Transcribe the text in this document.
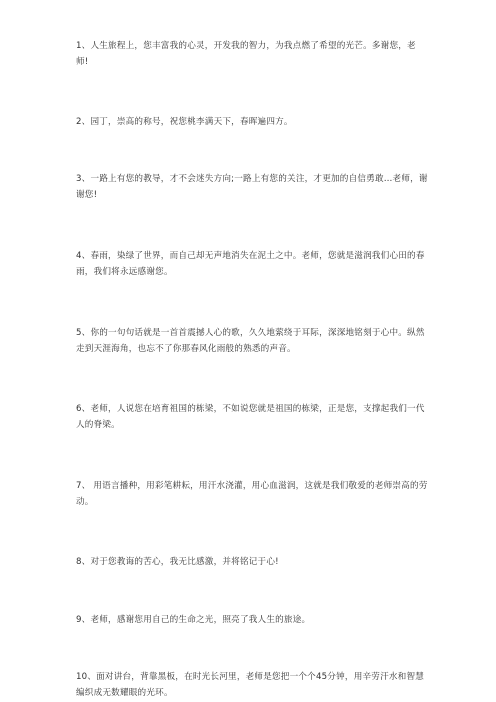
1、人生旅程上，您丰富我的心灵，开发我的智力，为我点燃了希望的光芒。多谢您，老师!

2、园丁，崇高的称号，祝您桃李满天下，春晖遍四方。

3、一路上有您的教导，才不会迷失方向;一路上有您的关注，才更加的自信勇敢…老师，谢谢您!

4、春雨，染绿了世界，而自己却无声地消失在泥土之中。老师，您就是滋润我们心田的春雨，我们将永远感谢您。

5、你的一句句话就是一首首震撼人心的歌，久久地萦绕于耳际，深深地铭刻于心中。纵然走到天涯海角，也忘不了你那春风化雨般的熟悉的声音。

6、老师，人说您在培育祖国的栋梁，不如说您就是祖国的栋梁，正是您，支撑起我们一代人的脊梁。

7、 用语言播种，用彩笔耕耘，用汗水浇灌，用心血滋润，这就是我们敬爱的老师崇高的劳动。

8、对于您教诲的苦心，我无比感激，并将铭记于心!

9、老师，感谢您用自己的生命之光，照亮了我人生的旅途。

10、面对讲台，背靠黑板，在时光长河里，老师是您把一个个45分钟，用辛劳汗水和智慧编织成无数耀眼的光环。
